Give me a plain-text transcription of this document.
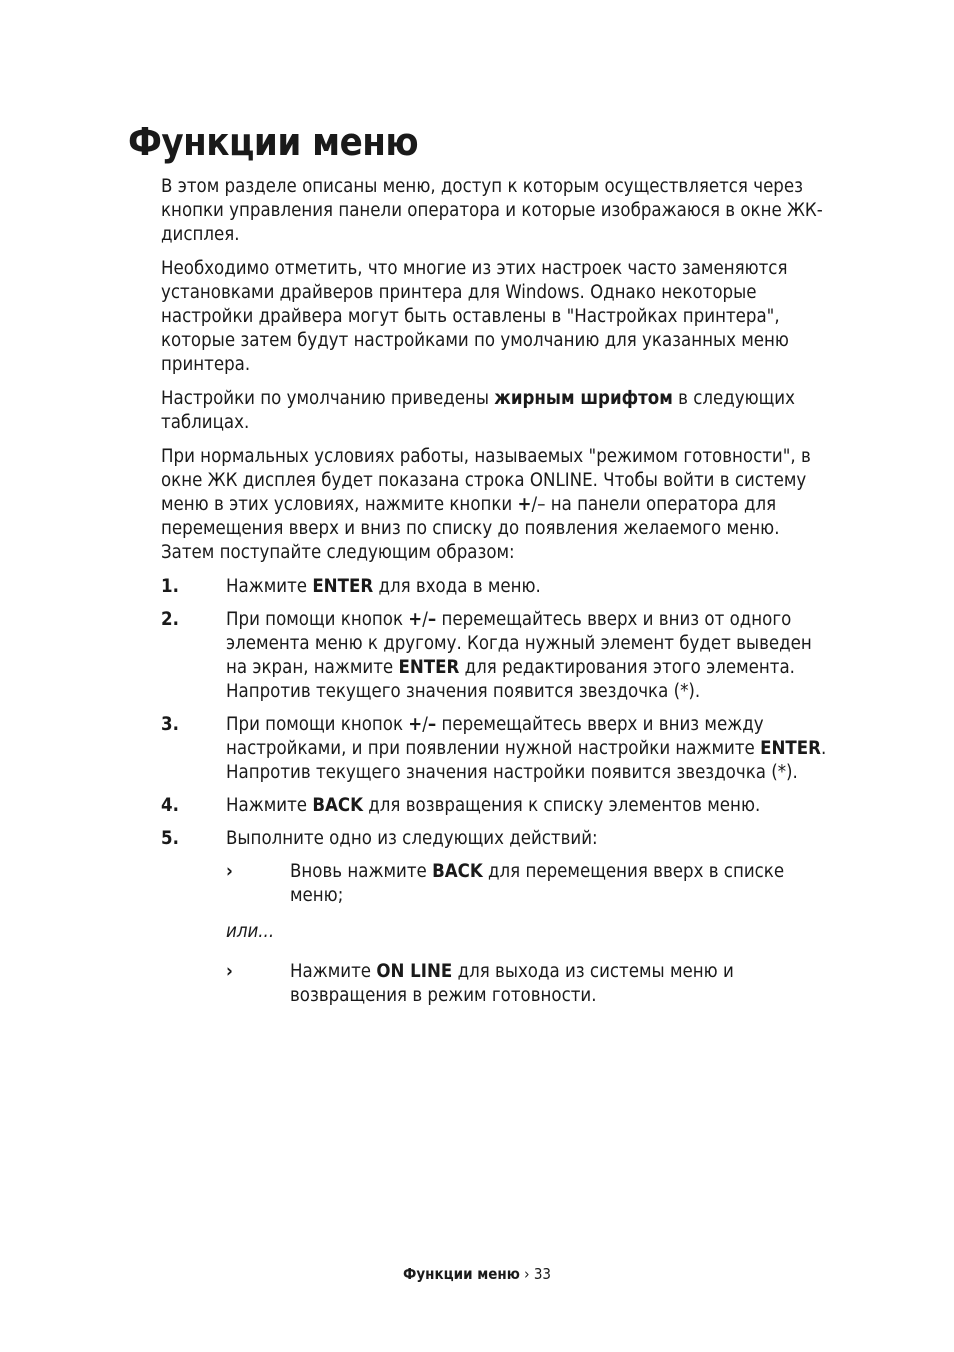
Функции меню

В этом разделе описаны меню, доступ к которым осуществляется через кнопки управления панели оператора и которые изображаюся в окне ЖК-дисплея.

Необходимо отметить, что многие из этих настроек часто заменяются установками драйверов принтера для Windows. Однако некоторые настройки драйвера могут быть оставлены в "Настройках принтера", которые затем будут настройками по умолчанию для указанных меню принтера.

Настройки по умолчанию приведены жирным шрифтом в следующих таблицах.

При нормальных условиях работы, называемых "режимом готовности", в окне ЖК дисплея будет показана строка ONLINE. Чтобы войти в систему меню в этих условиях, нажмите кнопки +/– на панели оператора для перемещения вверх и вниз по списку до появления желаемого меню. Затем поступайте следующим образом:

1.	Нажмите ENTER для входа в меню.
2.	При помощи кнопок +/– перемещайтесь вверх и вниз от одного элемента меню к другому. Когда нужный элемент будет выведен на экран, нажмите ENTER для редактирования этого элемента. Напротив текущего значения появится звездочка (*).
3.	При помощи кнопок +/– перемещайтесь вверх и вниз между настройками, и при появлении нужной настройки нажмите ENTER. Напротив текущего значения настройки появится звездочка (*).
4.	Нажмите BACK для возвращения к списку элементов меню.
5.	Выполните одно из следующих действий:
›	Вновь нажмите BACK для перемещения вверх в списке меню;

или...

›	Нажмите ON LINE для выхода из системы меню и возвращения в режим готовности.
Функции меню › 33
